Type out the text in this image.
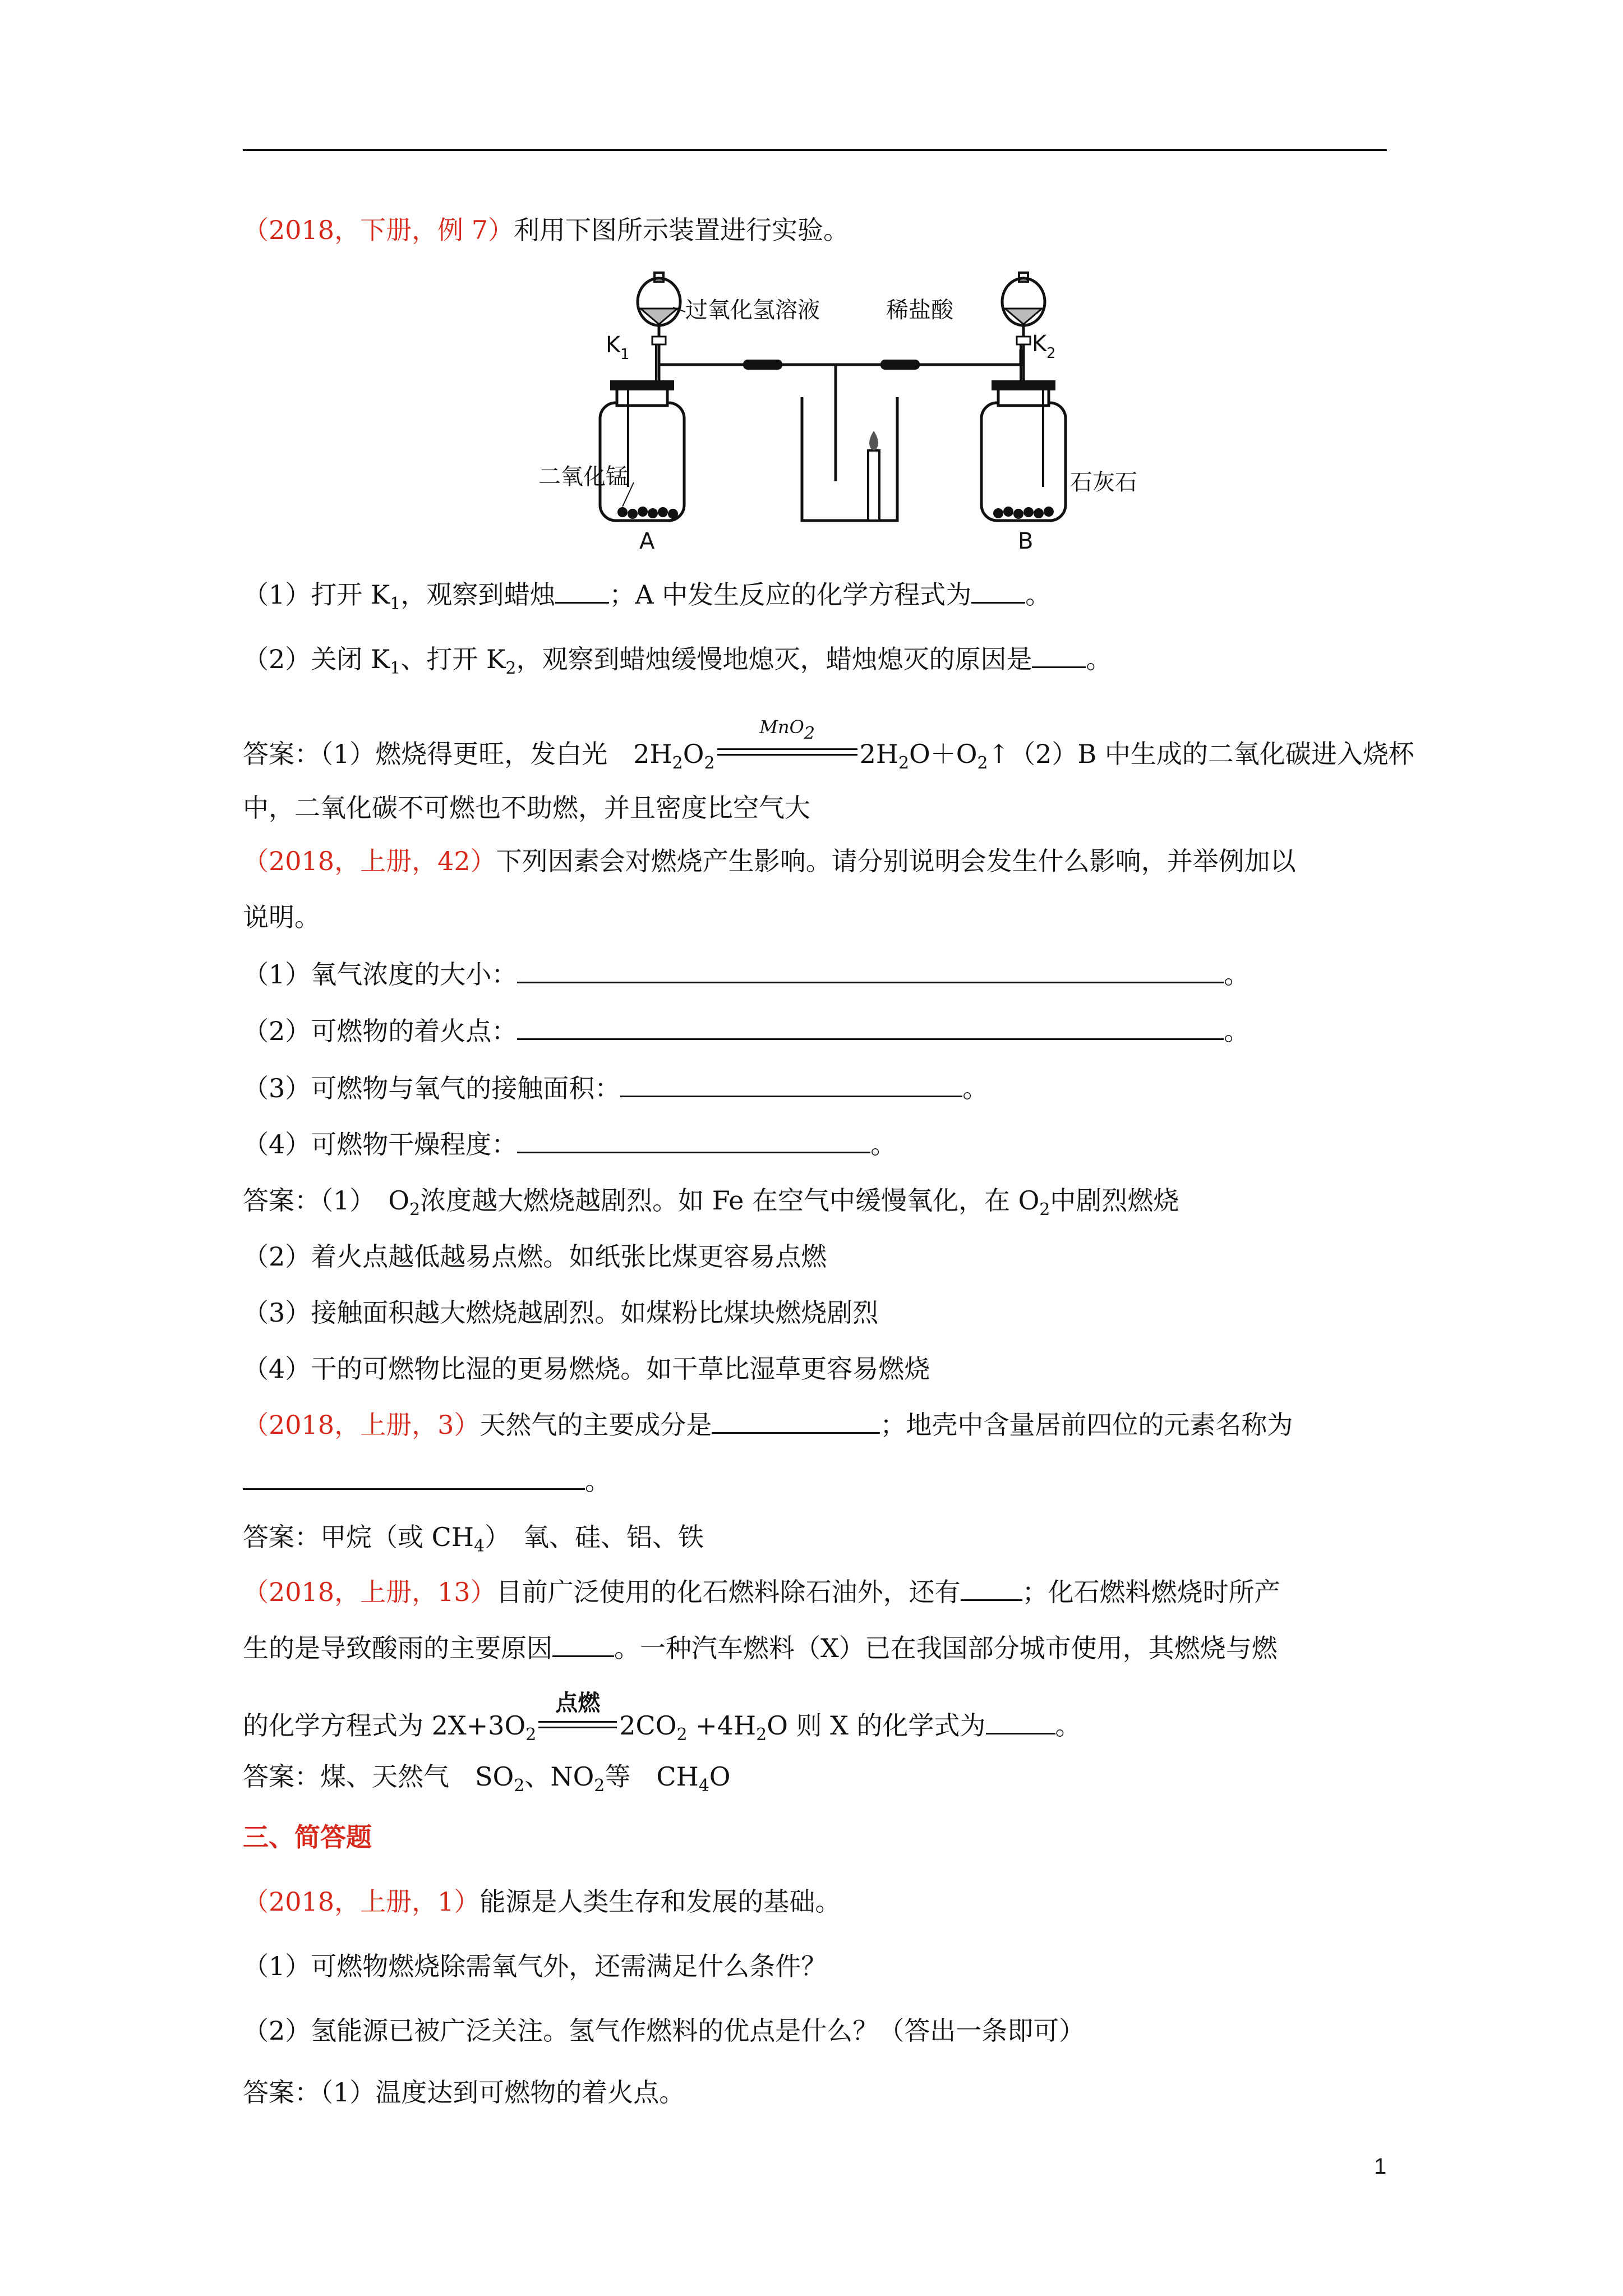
（2018，下册，例 7）利用下图所示装置进行实验。
过氧化氢溶液	稀盐酸
K 1	K 2
二氧化锰	石灰石
A	B
（1）打开 $K_1$，观察到蜡烛 ；A 中发生反应的化学方程式为 。
（2）关闭 $K_1$、打开 $K_2$，观察到蜡烛缓慢地熄灭，蜡烛熄灭的原因是 。
答案：（1）燃烧得更旺，发白光　$2H_2O_2$
MnO$_2$
$2H_2O+O_2↑(2)B$ 中生成的二氧化碳进入烧杯
中，二氧化碳不可燃也不助燃，并且密度比空气大
（2018，上册，42）下列因素会对燃烧产生影响。请分别说明会发生什么影响，并举例加以
说明。
（1）氧气浓度的大小：	。
（2）可燃物的着火点：	。
（3）可燃物与氧气的接触面积：	。
（4）可燃物干燥程度：	。
答案：（1）　$O_2$浓度越大燃烧越剧烈。如 Fe 在空气中缓慢氧化，在 $O_2$中剧烈燃烧
（2）着火点越低越易点燃。如纸张比煤更容易点燃
（3）接触面积越大燃烧越剧烈。如煤粉比煤块燃烧剧烈
（4）干的可燃物比湿的更易燃烧。如干草比湿草更容易燃烧
（2018，上册，3）天然气的主要成分是	；地壳中含量居前四位的元素名称为
。
答案：甲烷（或 $CH_4$）　氧、硅、铝、铁
（2018，上册，13）目前广泛使用的化石燃料除石油外，还有 ；化石燃料燃烧时所产
生的是导致酸雨的主要原因 。一种汽车燃料（X）已在我国部分城市使用，其燃烧与燃
的化学方程式为 $2X+3O_2$
点燃
$2CO_2 +4H_2O$ 则 X 的化学式为	。
答案：煤、天然气　$SO_2$、$NO_2$等　$CH_4O$
三、简答题
（2018，上册，1）能源是人类生存和发展的基础。
（1）可燃物燃烧除需氧气外，还需满足什么条件？
（2）氢能源已被广泛关注。氢气作燃料的优点是什么？（答出一条即可）
答案：（1）温度达到可燃物的着火点。
1
